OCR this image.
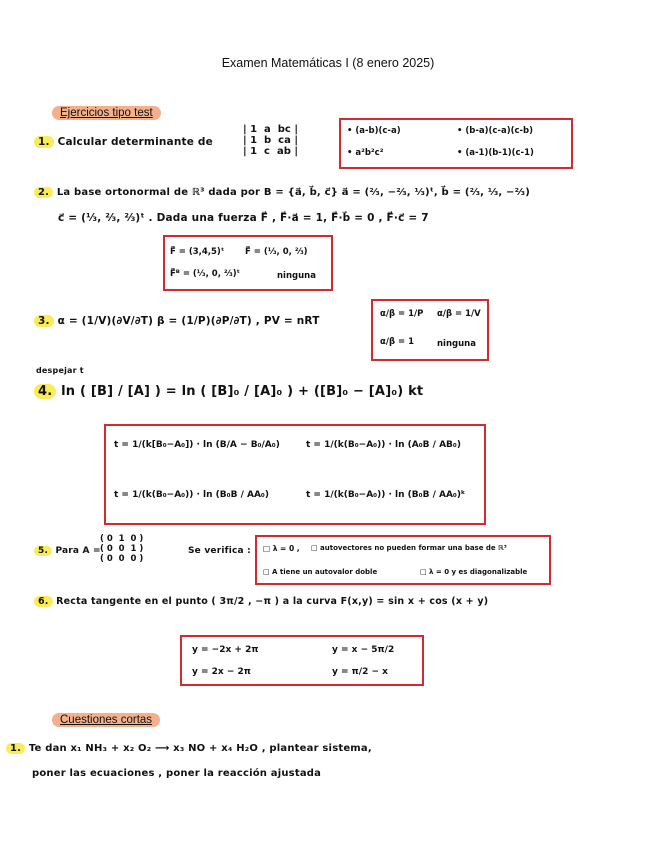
Examen Matemáticas I (8 enero 2025)
Ejercicios tipo test
1. Calcular determinante de
| 1  a  bc |
| 1  b  ca |
| 1  c  ab |
• (a-b)(c-a)	• (b-a)(c-a)(c-b)
• a²b²c²	• (a-1)(b-1)(c-1)
2. La base ortonormal de ℝ³ dada por B = {a⃗, b⃗, c⃗} a⃗ = (⅔, −⅔, ⅓)ᵗ, b⃗ = (⅔, ⅓, −⅔)
c⃗ = (⅓, ⅔, ⅔)ᵗ . Dada una fuerza F⃗ , F⃗·a⃗ = 1, F⃗·b⃗ = 0 , F⃗·c⃗ = 7
F⃗ = (3,4,5)ᵗ F⃗ = (⅓, 0, ⅔)
F⃗ᴮ = (⅓, 0, ⅔)ᵗ	ninguna
3. α = (1/V)(∂V/∂T) β = (1/P)(∂P/∂T) , PV = nRT
α/β = 1/P α/β = 1/V
α/β = 1	ninguna
despejar t
4. ln ( [B] / [A] ) = ln ( [B]₀ / [A]₀ ) + ([B]₀ − [A]₀) kt
t = 1/(k[B₀−A₀]) · ln (B/A − B₀/A₀)	t = 1/(k(B₀−A₀)) · ln (A₀B / AB₀)
t = 1/(k(B₀−A₀)) · ln (B₀B / AA₀)	t = 1/(k(B₀−A₀)) · ln (B₀B / AA₀)ᵏ
5. Para A =
( 0  1  0 )
( 0  0  1 )
( 0  0  0 )
Se verifica : □ λ = 0 , □ autovectores no pueden formar una base de ℝ³
□ A tiene un autovalor doble	□ λ = 0 y es diagonalizable
6. Recta tangente en el punto ( 3π/2 , −π ) a la curva F(x,y) = sin x + cos (x + y)
y = −2x + 2π	y = x − 5π/2
y = 2x − 2π	y = π/2 − x
Cuestiones cortas
1. Te dan x₁ NH₃ + x₂ O₂ ⟶ x₃ NO + x₄ H₂O , plantear sistema,
poner las ecuaciones , poner la reacción ajustada
